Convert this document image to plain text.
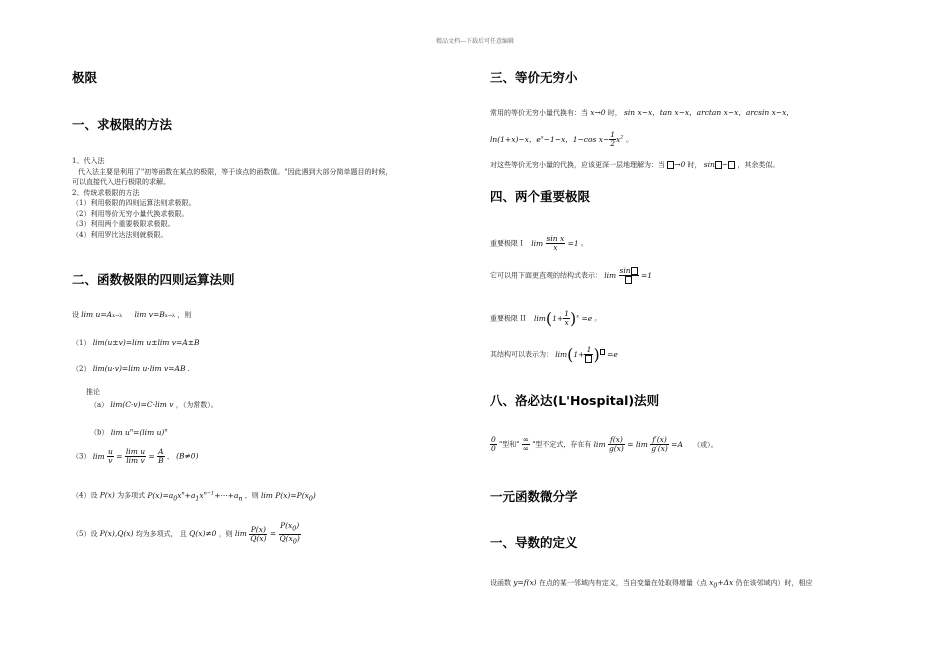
精品文档---下载后可任意编辑
极限
一、求极限的方法
1、代入法
代入法主要是利用了"初等函数在某点的极限，等于该点的函数值。"因此遇到大部分简单题目的时候，
可以直接代入进行极限的求解。
2、传统求极限的方法
（1）利用极限的四则运算法则求极限。
（2）利用等价无穷小量代换求极限。
（3）利用两个重要极限求极限。
（4）利用罗比达法则就极限。
二、函数极限的四则运算法则
设 lim u=Ax→λ lim v=Bx→λ ，则
（1） lim(u±v)=lim u±lim v=A±B
（2） lim(u·v)=lim u·lim v=AB .
推论
（a） lim(C·v)=C·lim v ，（为常数）。
（b） $\lim u^n=(\lim$ u)$^n$
（3） $\lim \frac{u}{v} = \frac{\text{lim u}}{\text{lim v}} = \frac{A}{B}$ ， (B≠0)
（4）设 P(x) 为多项式 $P(x)=a_0x^n+a_1x^{n-1}+\cdot\cdot\cdot+a_n$ ，则 $\lim P(x)=P(x_0)$
（5）设 P(x),Q(x) 均为多项式， 且 Q(x)≠0 ，则 $\lim \frac{P(x)}{Q(x)} = \frac{P(x_0)}{Q(x_0)}$
三、等价无穷小
常用的等价无穷小量代换有：当 x→0 时， sin x~x，tan x~x，arctan x~x，arcsin x~x，
ln(1+x)~x，$e^x-1\sim x$，1−cos x~ $\frac{1}{2} x^2$ 。
对这些等价无穷小量的代换，应该更深一层地理解为：当 →0 时， sin ~ ，其余类似。
四、两个重要极限
重要极限 I $\lim \frac{\text{sin x}}{x} =1$ 。
它可以用下面更直观的结构式表示： lim sin	=1
重要极限 II $\lim(1+ \frac{1}{x} )^x =e$ 。
其结构可以表示为： lim(1+ 1 ) =e
八、洛必达(L'Hospital)法则
$\frac{0}{0}$ "型和" $\frac{\infty}{\infty}$ "型不定式，存在有 $\lim \frac{f(x)}{g(x)} = \lim \frac{f'(x)}{g'(x)} =A$ （或）。
一元函数微分学
一、导数的定义
设函数 y=f(x) 在点的某一邻域内有定义，当自变量在处取得增量（点 $x_0+\Delta x$ 仍在该邻域内）时，相应
